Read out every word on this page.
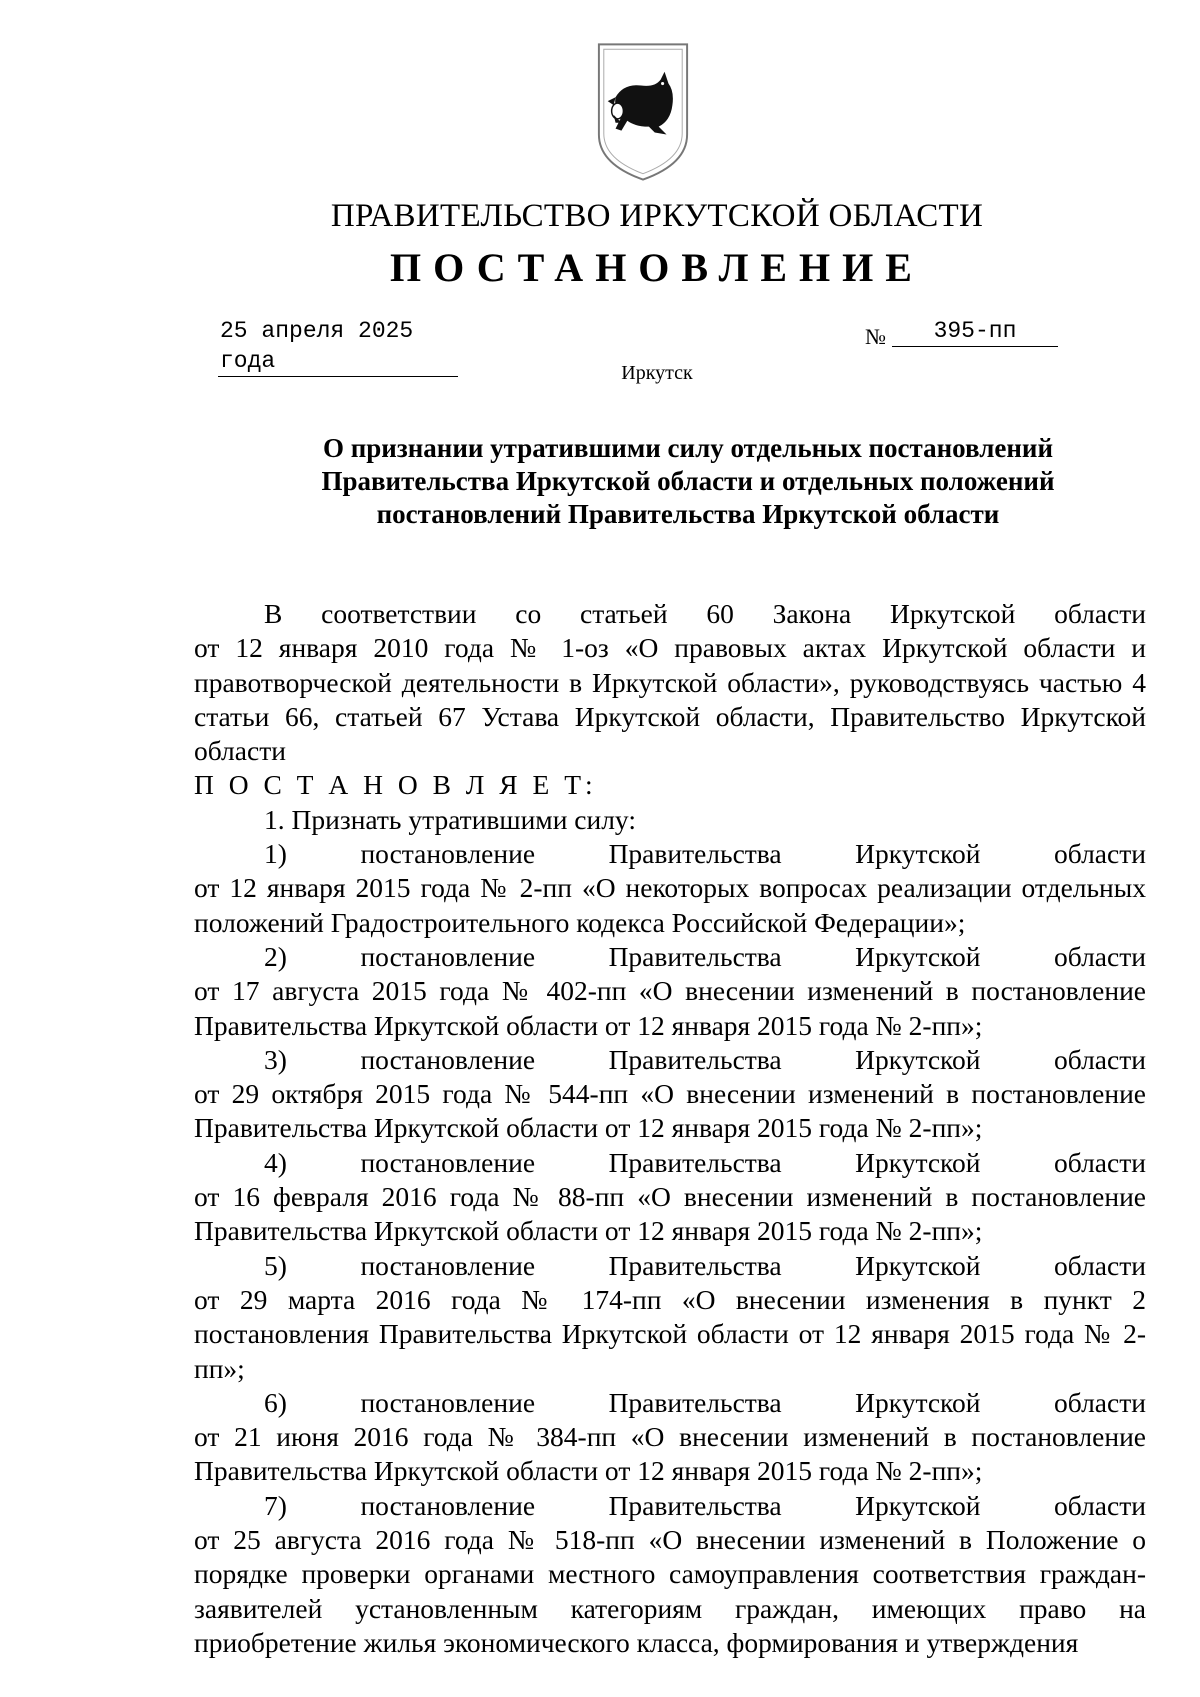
ПРАВИТЕЛЬСТВО ИРКУТСКОЙ ОБЛАСТИ
ПОСТАНОВЛЕНИЕ
25 апреля 2025 года
№	395-пп
Иркутск
О признании утратившими силу отдельных постановлений
Правительства Иркутской области и отдельных положений
постановлений Правительства Иркутской области
В соответствии со статьей 60 Закона Иркутской области

от 12 января 2010 года № 1-оз «О правовых актах Иркутской области и правотворческой деятельности в Иркутской области», руководствуясь частью 4 статьи 66, статьей 67 Устава Иркутской области, Правительство Иркутской области

П О С Т А Н О В Л Я Е Т:

1. Признать утратившими силу:

1)	постановление	Правительства	Иркутской	области

от 12 января 2015 года № 2-пп «О некоторых вопросах реализации отдельных положений Градостроительного кодекса Российской Федерации»;

2)	постановление	Правительства	Иркутской	области

от 17 августа 2015 года № 402-пп «О внесении изменений в постановление Правительства Иркутской области от 12 января 2015 года № 2-пп»;

3)	постановление	Правительства	Иркутской	области

от 29 октября 2015 года № 544-пп «О внесении изменений в постановление Правительства Иркутской области от 12 января 2015 года № 2-пп»;

4)	постановление	Правительства	Иркутской	области

от 16 февраля 2016 года № 88-пп «О внесении изменений в постановление Правительства Иркутской области от 12 января 2015 года № 2-пп»;

5)	постановление	Правительства	Иркутской	области

от 29 марта 2016 года № 174-пп «О внесении изменения в пункт 2 постановления Правительства Иркутской области от 12 января 2015 года № 2-пп»;

6)	постановление	Правительства	Иркутской	области

от 21 июня 2016 года № 384-пп «О внесении изменений в постановление Правительства Иркутской области от 12 января 2015 года № 2-пп»;

7)	постановление	Правительства	Иркутской	области

от 25 августа 2016 года № 518-пп «О внесении изменений в Положение о порядке проверки органами местного самоуправления соответствия граждан-заявителей установленным категориям граждан, имеющих право на приобретение жилья экономического класса, формирования и утверждения
